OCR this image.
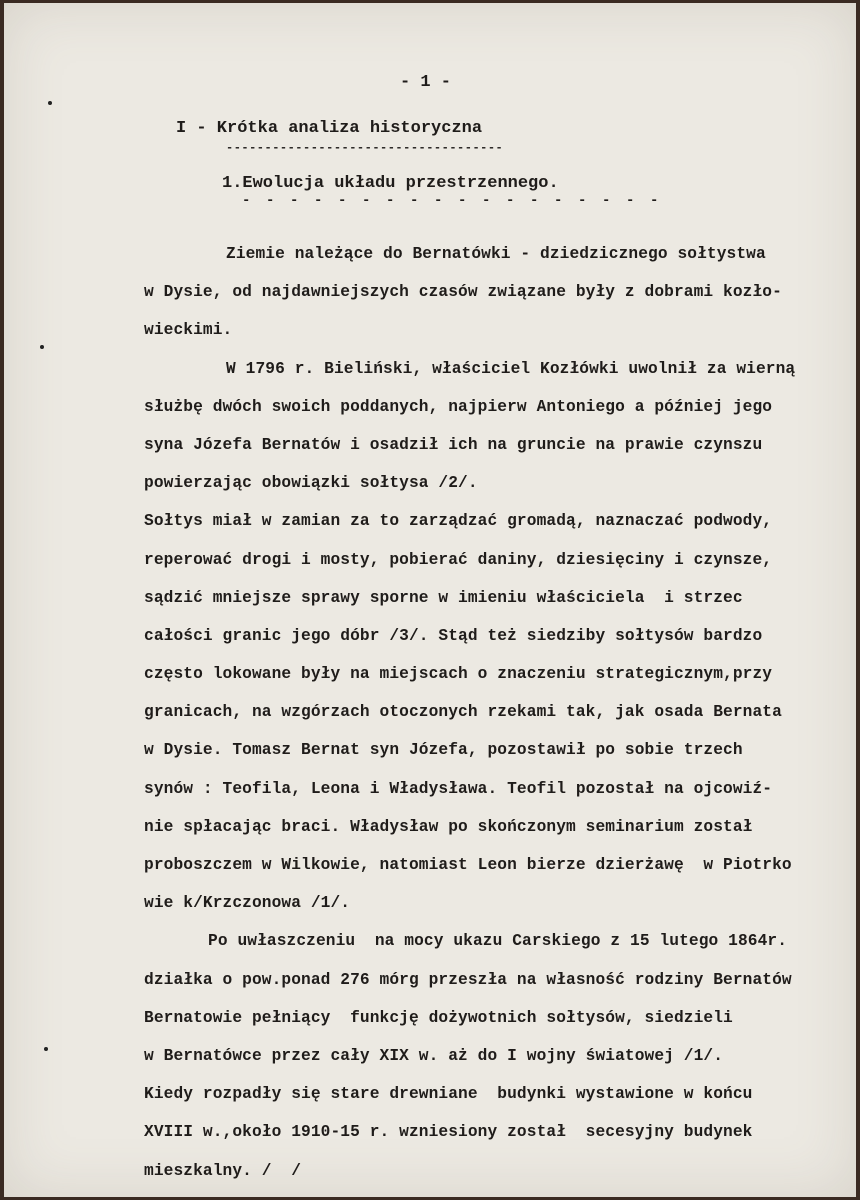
- 1 -
I - Krótka analiza historyczna
------------------------------------
1.Ewolucja układu przestrzennego.
- - - - - - - - - - - - - - - - - -
Ziemie należące do Bernatówki - dziedzicznego sołtystwa
w Dysie, od najdawniejszych czasów związane były z dobrami kozło-
wieckimi.
W 1796 r. Bieliński, właściciel Kozłówki uwolnił za wierną
służbę dwóch swoich poddanych, najpierw Antoniego a później jego
syna Józefa Bernatów i osadził ich na gruncie na prawie czynszu
powierzając obowiązki sołtysa /2/.
Sołtys miał w zamian za to zarządzać gromadą, naznaczać podwody,
reperować drogi i mosty, pobierać daniny, dziesięciny i czynsze,
sądzić mniejsze sprawy sporne w imieniu właściciela  i strzec
całości granic jego dóbr /3/. Stąd też siedziby sołtysów bardzo
często lokowane były na miejscach o znaczeniu strategicznym,przy
granicach, na wzgórzach otoczonych rzekami tak, jak osada Bernata
w Dysie. Tomasz Bernat syn Józefa, pozostawił po sobie trzech
synów : Teofila, Leona i Władysława. Teofil pozostał na ojcowiź-
nie spłacając braci. Władysław po skończonym seminarium został
proboszczem w Wilkowie, natomiast Leon bierze dzierżawę  w Piotrko
wie k/Krzczonowa /1/.
Po uwłaszczeniu  na mocy ukazu Carskiego z 15 lutego 1864r.
działka o pow.ponad 276 mórg przeszła na własność rodziny Bernatów
Bernatowie pełniący  funkcję dożywotnich sołtysów, siedzieli
w Bernatówce przez cały XIX w. aż do I wojny światowej /1/.
Kiedy rozpadły się stare drewniane  budynki wystawione w końcu
XVIII w.,około 1910-15 r. wzniesiony został  secesyjny budynek
mieszkalny. /  /
